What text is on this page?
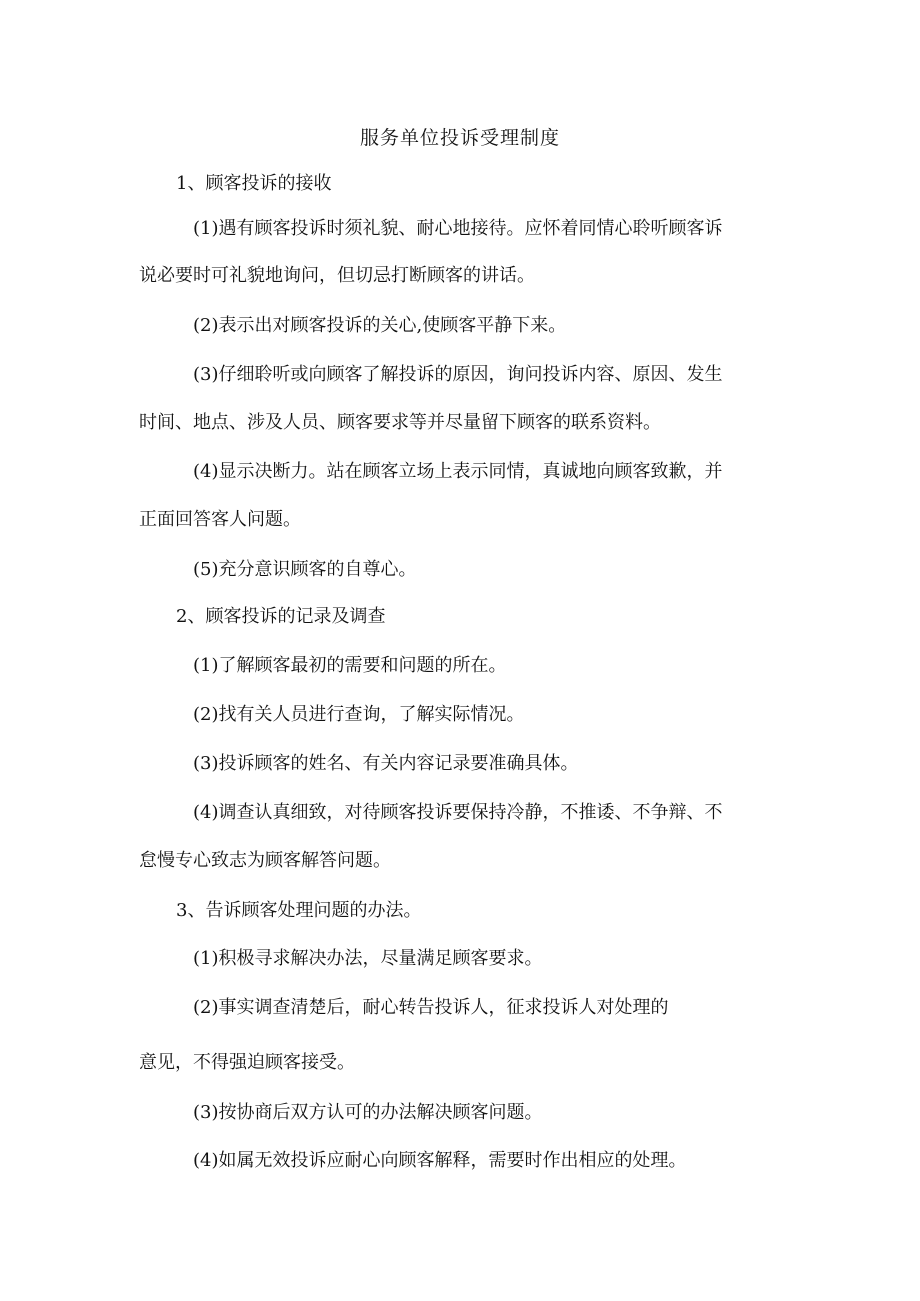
服务单位投诉受理制度
1、顾客投诉的接收
(1)遇有顾客投诉时须礼貌、耐心地接待。应怀着同情心聆听顾客诉
说必要时可礼貌地询问，但切忌打断顾客的讲话。
(2)表示出对顾客投诉的关心,使顾客平静下来。
(3)仔细聆听或向顾客了解投诉的原因，询问投诉内容、原因、发生
时间、地点、涉及人员、顾客要求等并尽量留下顾客的联系资料。
(4)显示决断力。站在顾客立场上表示同情，真诚地向顾客致歉，并
正面回答客人问题。
(5)充分意识顾客的自尊心。
2、顾客投诉的记录及调查
(1)了解顾客最初的需要和问题的所在。
(2)找有关人员进行查询，了解实际情况。
(3)投诉顾客的姓名、有关内容记录要准确具体。
(4)调查认真细致，对待顾客投诉要保持冷静，不推诿、不争辩、不
怠慢专心致志为顾客解答问题。
3、告诉顾客处理问题的办法。
(1)积极寻求解决办法，尽量满足顾客要求。
(2)事实调查清楚后，耐心转告投诉人，征求投诉人对处理的
意见，不得强迫顾客接受。
(3)按协商后双方认可的办法解决顾客问题。
(4)如属无效投诉应耐心向顾客解释，需要时作出相应的处理。
